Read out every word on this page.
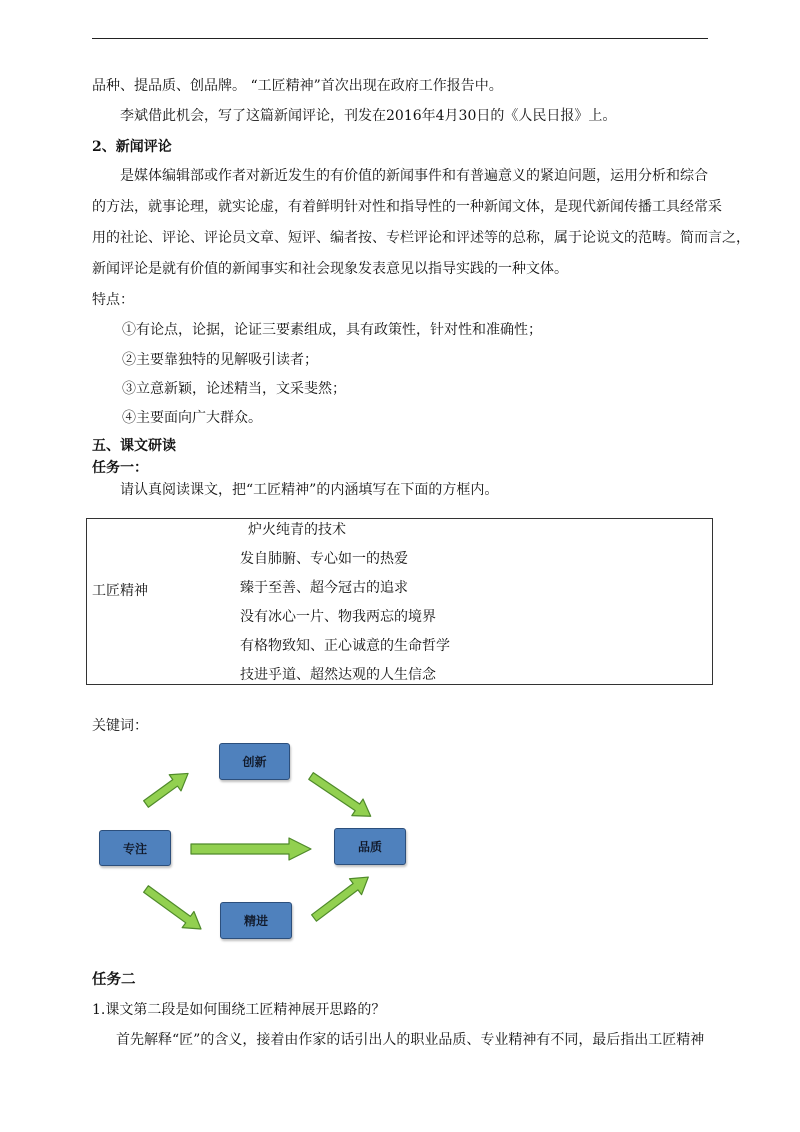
品种、提品质、创品牌。 “工匠精神”首次出现在政府工作报告中。
李斌借此机会，写了这篇新闻评论，刊发在2016年4月30日的《人民日报》上。
2、新闻评论
是媒体编辑部或作者对新近发生的有价值的新闻事件和有普遍意义的紧迫问题，运用分析和综合
的方法，就事论理，就实论虚，有着鲜明针对性和指导性的一种新闻文体，是现代新闻传播工具经常采
用的社论、评论、评论员文章、短评、编者按、专栏评论和评述等的总称，属于论说文的范畴。简而言之，
新闻评论是就有价值的新闻事实和社会现象发表意见以指导实践的一种文体。
特点：
①有论点，论据，论证三要素组成，具有政策性，针对性和准确性；
②主要靠独特的见解吸引读者；
③立意新颖，论述精当，文采斐然；
④主要面向广大群众。
五、课文研读
任务一：
请认真阅读课文，把“工匠精神”的内涵填写在下面的方框内。
工匠精神
炉火纯青的技术
发自肺腑、专心如一的热爱
臻于至善、超今冠古的追求
没有冰心一片、物我两忘的境界
有格物致知、正心诚意的生命哲学
技进乎道、超然达观的人生信念
关键词：
创新
专注	品质
精进
任务二
1.课文第二段是如何围绕工匠精神展开思路的？
首先解释“匠”的含义，接着由作家的话引出人的职业品质、专业精神有不同，最后指出工匠精神
